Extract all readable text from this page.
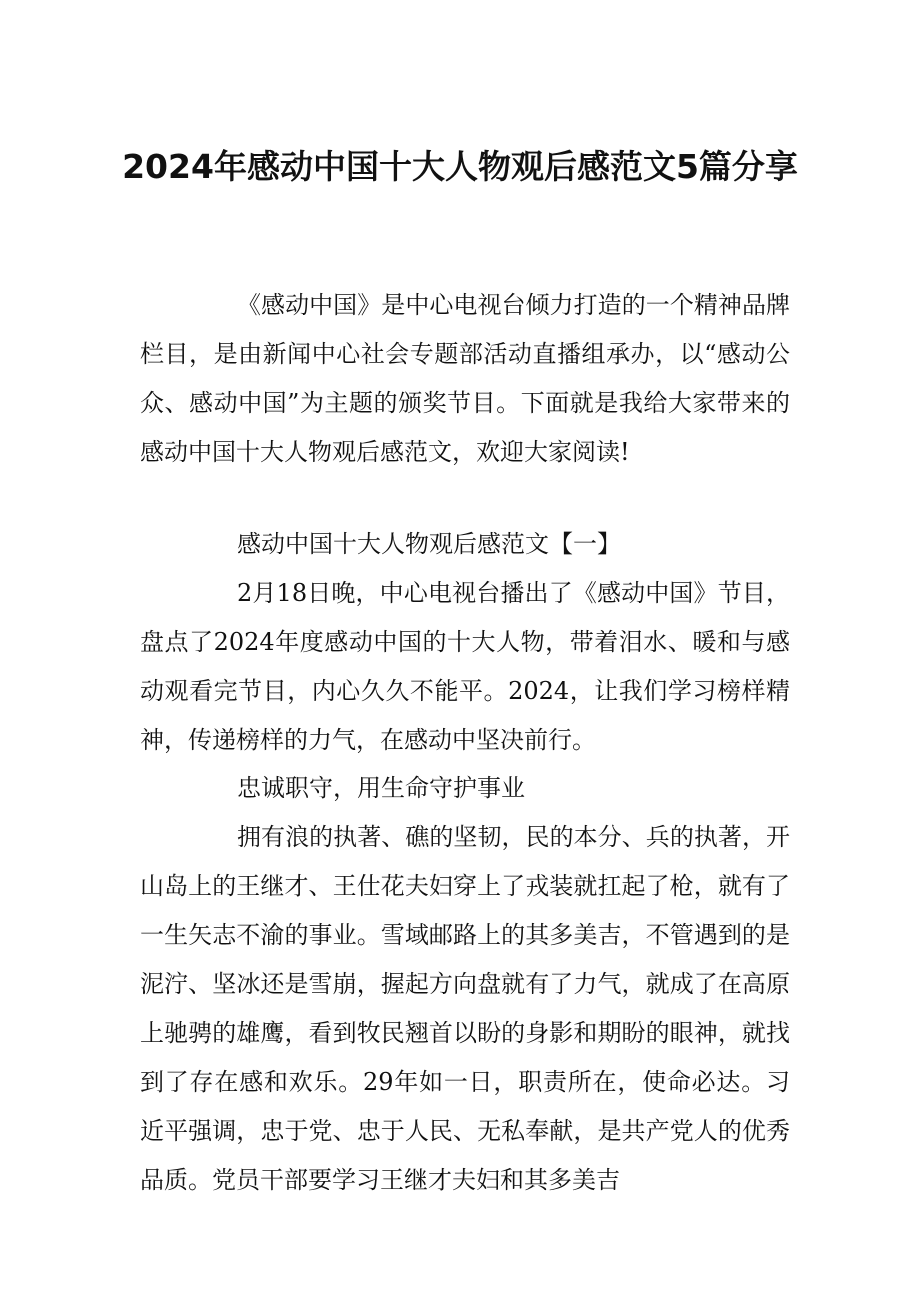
2024年感动中国十大人物观后感范文5篇分享

《感动中国》是中心电视台倾力打造的一个精神品牌栏目，是由新闻中心社会专题部活动直播组承办，以“感动公众、感动中国”为主题的颁奖节目。下面就是我给大家带来的感动中国十大人物观后感范文，欢迎大家阅读!

感动中国十大人物观后感范文【一】

2月18日晚，中心电视台播出了《感动中国》节目，盘点了2024年度感动中国的十大人物，带着泪水、暖和与感动观看完节目，内心久久不能平。2024，让我们学习榜样精神，传递榜样的力气，在感动中坚决前行。

忠诚职守，用生命守护事业

拥有浪的执著、礁的坚韧，民的本分、兵的执著，开山岛上的王继才、王仕花夫妇穿上了戎装就扛起了枪，就有了一生矢志不渝的事业。雪域邮路上的其多美吉，不管遇到的是泥泞、坚冰还是雪崩，握起方向盘就有了力气，就成了在高原上驰骋的雄鹰，看到牧民翘首以盼的身影和期盼的眼神，就找到了存在感和欢乐。29年如一日，职责所在，使命必达。习近平强调，忠于党、忠于人民、无私奉献，是共产党人的优秀品质。党员干部要学习王继才夫妇和其多美吉
